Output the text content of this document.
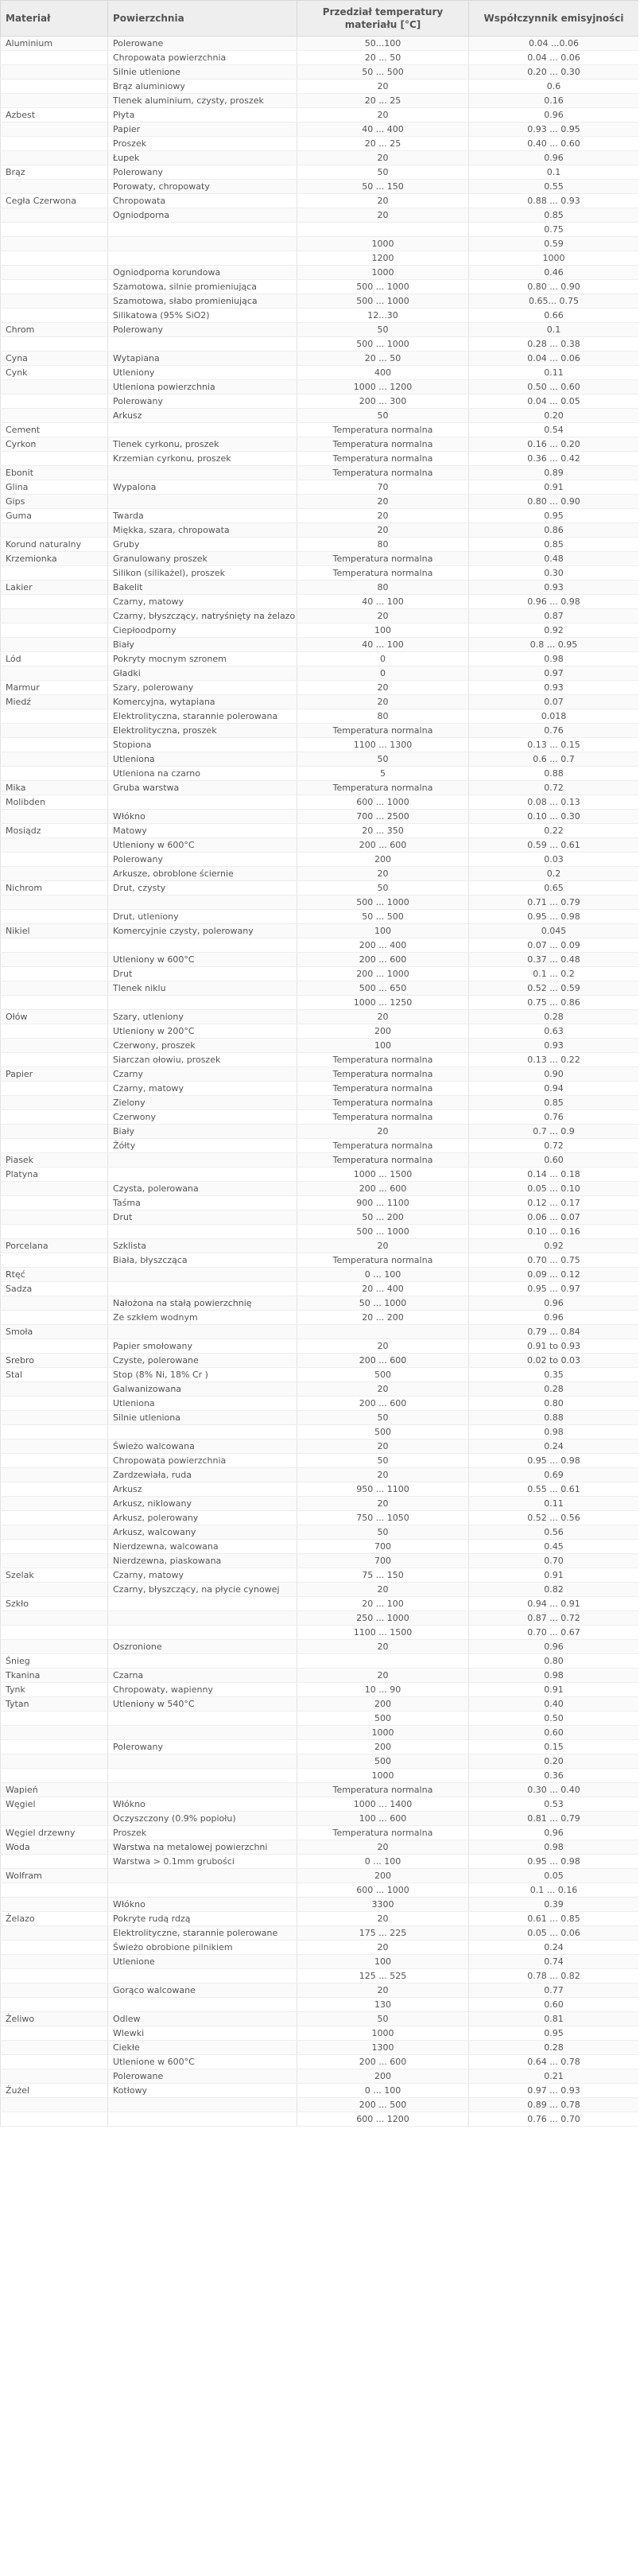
Materiał	Powierzchnia	Przedział temperatury materiału [°C]	Współczynnik emisyjności
Aluminium	Polerowane	50...100	0.04 ...0.06
	Chropowata powierzchnia	20 ... 50	0.04 ... 0.06
	Silnie utlenione	50 ... 500	0.20 ... 0.30
	Brąz aluminiowy	20	0.6
	Tlenek aluminium, czysty, proszek	20 ... 25	0.16
Azbest	Płyta	20	0.96
	Papier	40 ... 400	0.93 ... 0.95
	Proszek	20 ... 25	0.40 ... 0.60
	Łupek	20	0.96
Brąz	Polerowany	50	0.1
	Porowaty, chropowaty	50 ... 150	0.55
Cegła Czerwona	Chropowata	20	0.88 ... 0.93
	Ogniodporna	20	0.85
			0.75
		1000	0.59
		1200	1000
	Ogniodporna korundowa	1000	0.46
	Szamotowa, silnie promieniująca	500 ... 1000	0.80 ... 0.90
	Szamotowa, słabo promieniująca	500 ... 1000	0.65... 0.75
	Silikatowa (95% SiO2)	12...30	0.66
Chrom	Polerowany	50	0.1
		500 ... 1000	0.28 ... 0.38
Cyna	Wytapiana	20 ... 50	0.04 ... 0.06
Cynk	Utleniony	400	0.11
	Utleniona powierzchnia	1000 ... 1200	0.50 ... 0.60
	Polerowany	200 ... 300	0.04 ... 0.05
	Arkusz	50	0.20
Cement		Temperatura normalna	0.54
Cyrkon	Tlenek cyrkonu, proszek	Temperatura normalna	0.16 ... 0.20
	Krzemian cyrkonu, proszek	Temperatura normalna	0.36 ... 0.42
Ebonit		Temperatura normalna	0.89
Glina	Wypalona	70	0.91
Gips		20	0.80 ... 0.90
Guma	Twarda	20	0.95
	Miękka, szara, chropowata	20	0.86
Korund naturalny	Gruby	80	0.85
Krzemionka	Granulowany proszek	Temperatura normalna	0.48
	Silikon (silikażel), proszek	Temperatura normalna	0.30
Lakier	Bakelit	80	0.93
	Czarny, matowy	40 ... 100	0.96 ... 0.98
	Czarny, błyszczący, natryśnięty na żelazo	20	0.87
	Ciepłoodporny	100	0.92
	Biały	40 ... 100	0.8 ... 0.95
Lód	Pokryty mocnym szronem	0	0.98
	Gładki	0	0.97
Marmur	Szary, polerowany	20	0.93
Miedź	Komercyjna, wytapiana	20	0.07
	Elektrolityczna, starannie polerowana	80	0.018
	Elektrolityczna, proszek	Temperatura normalna	0.76
	Stopiona	1100 ... 1300	0.13 ... 0.15
	Utleniona	50	0.6 ... 0.7
	Utleniona na czarno	5	0.88
Mika	Gruba warstwa	Temperatura normalna	0.72
Molibden		600 ... 1000	0.08 ... 0.13
	Włókno	700 ... 2500	0.10 ... 0.30
Mosiądz	Matowy	20 ... 350	0.22
	Utleniony w 600°C	200 ... 600	0.59 ... 0.61
	Polerowany	200	0.03
	Arkusze, obroblone ściernie	20	0.2
Nichrom	Drut, czysty	50	0.65
		500 ... 1000	0.71 ... 0.79
	Drut, utleniony	50 ... 500	0.95 ... 0.98
Nikiel	Komercyjnie czysty, polerowany	100	0.045
		200 ... 400	0.07 ... 0.09
	Utleniony w 600°C	200 ... 600	0.37 ... 0.48
	Drut	200 ... 1000	0.1 ... 0.2
	Tlenek niklu	500 ... 650	0.52 ... 0.59
		1000 ... 1250	0.75 ... 0.86
Ołów	Szary, utleniony	20	0.28
	Utleniony w 200°C	200	0.63
	Czerwony, proszek	100	0.93
	Siarczan ołowiu, proszek	Temperatura normalna	0.13 ... 0.22
Papier	Czarny	Temperatura normalna	0.90
	Czarny, matowy	Temperatura normalna	0.94
	Zielony	Temperatura normalna	0.85
	Czerwony	Temperatura normalna	0.76
	Biały	20	0.7 ... 0.9
	Żółty	Temperatura normalna	0.72
Piasek		Temperatura normalna	0.60
Platyna		1000 ... 1500	0.14 ... 0.18
	Czysta, polerowana	200 ... 600	0.05 ... 0.10
	Taśma	900 ... 1100	0.12 ... 0.17
	Drut	50 ... 200	0.06 ... 0.07
		500 ... 1000	0.10 ... 0.16
Porcelana	Szklista	20	0.92
	Biała, błyszcząca	Temperatura normalna	0.70 ... 0.75
Rtęć		0 ... 100	0.09 ... 0.12
Sadza		20 ... 400	0.95 ... 0.97
	Nałożona na stałą powierzchnię	50 ... 1000	0.96
	Ze szkłem wodnym	20 ... 200	0.96
Smoła			0.79 ... 0.84
	Papier smołowany	20	0.91 to 0.93
Srebro	Czyste, polerowane	200 ... 600	0.02 to 0.03
Stal	Stop (8% Ni, 18% Cr )	500	0.35
	Galwanizowana	20	0.28
	Utleniona	200 ... 600	0.80
	Silnie utleniona	50	0.88
		500	0.98
	Świeżo walcowana	20	0.24
	Chropowata powierzchnia	50	0.95 ... 0.98
	Zardzewiała, ruda	20	0.69
	Arkusz	950 ... 1100	0.55 ... 0.61
	Arkusz, niklowany	20	0.11
	Arkusz, polerowany	750 ... 1050	0.52 ... 0.56
	Arkusz, walcowany	50	0.56
	Nierdzewna, walcowana	700	0.45
	Nierdzewna, piaskowana	700	0.70
Szelak	Czarny, matowy	75 ... 150	0.91
	Czarny, błyszczący, na płycie cynowej	20	0.82
Szkło		20 ... 100	0.94 ... 0.91
		250 ... 1000	0.87 ... 0.72
		1100 ... 1500	0.70 ... 0.67
	Oszronione	20	0.96
Śnieg			0.80
Tkanina	Czarna	20	0.98
Tynk	Chropowaty, wapienny	10 ... 90	0.91
Tytan	Utleniony w 540°C	200	0.40
		500	0.50
		1000	0.60
	Polerowany	200	0.15
		500	0.20
		1000	0.36
Wapień		Temperatura normalna	0.30 ... 0.40
Węgiel	Włókno	1000 ... 1400	0.53
	Oczyszczony (0.9% popiołu)	100 ... 600	0.81 ... 0.79
Węgiel drzewny	Proszek	Temperatura normalna	0.96
Woda	Warstwa na metalowej powierzchni	20	0.98
	Warstwa > 0.1mm grubości	0 ... 100	0.95 ... 0.98
Wolfram		200	0.05
		600 ... 1000	0.1 ... 0.16
	Włókno	3300	0.39
Żelazo	Pokryte rudą rdzą	20	0.61 ... 0.85
	Elektrolityczne, starannie polerowane	175 ... 225	0.05 ... 0.06
	Świeżo obrobione pilnikiem	20	0.24
	Utlenione	100	0.74
		125 ... 525	0.78 ... 0.82
	Gorąco walcowane	20	0.77
		130	0.60
Żeliwo	Odlew	50	0.81
	Wlewki	1000	0.95
	Ciekłe	1300	0.28
	Utlenione w 600°C	200 ... 600	0.64 ... 0.78
	Polerowane	200	0.21
Żużel	Kotłowy	0 ... 100	0.97 ... 0.93
		200 ... 500	0.89 ... 0.78
		600 ... 1200	0.76 ... 0.70
